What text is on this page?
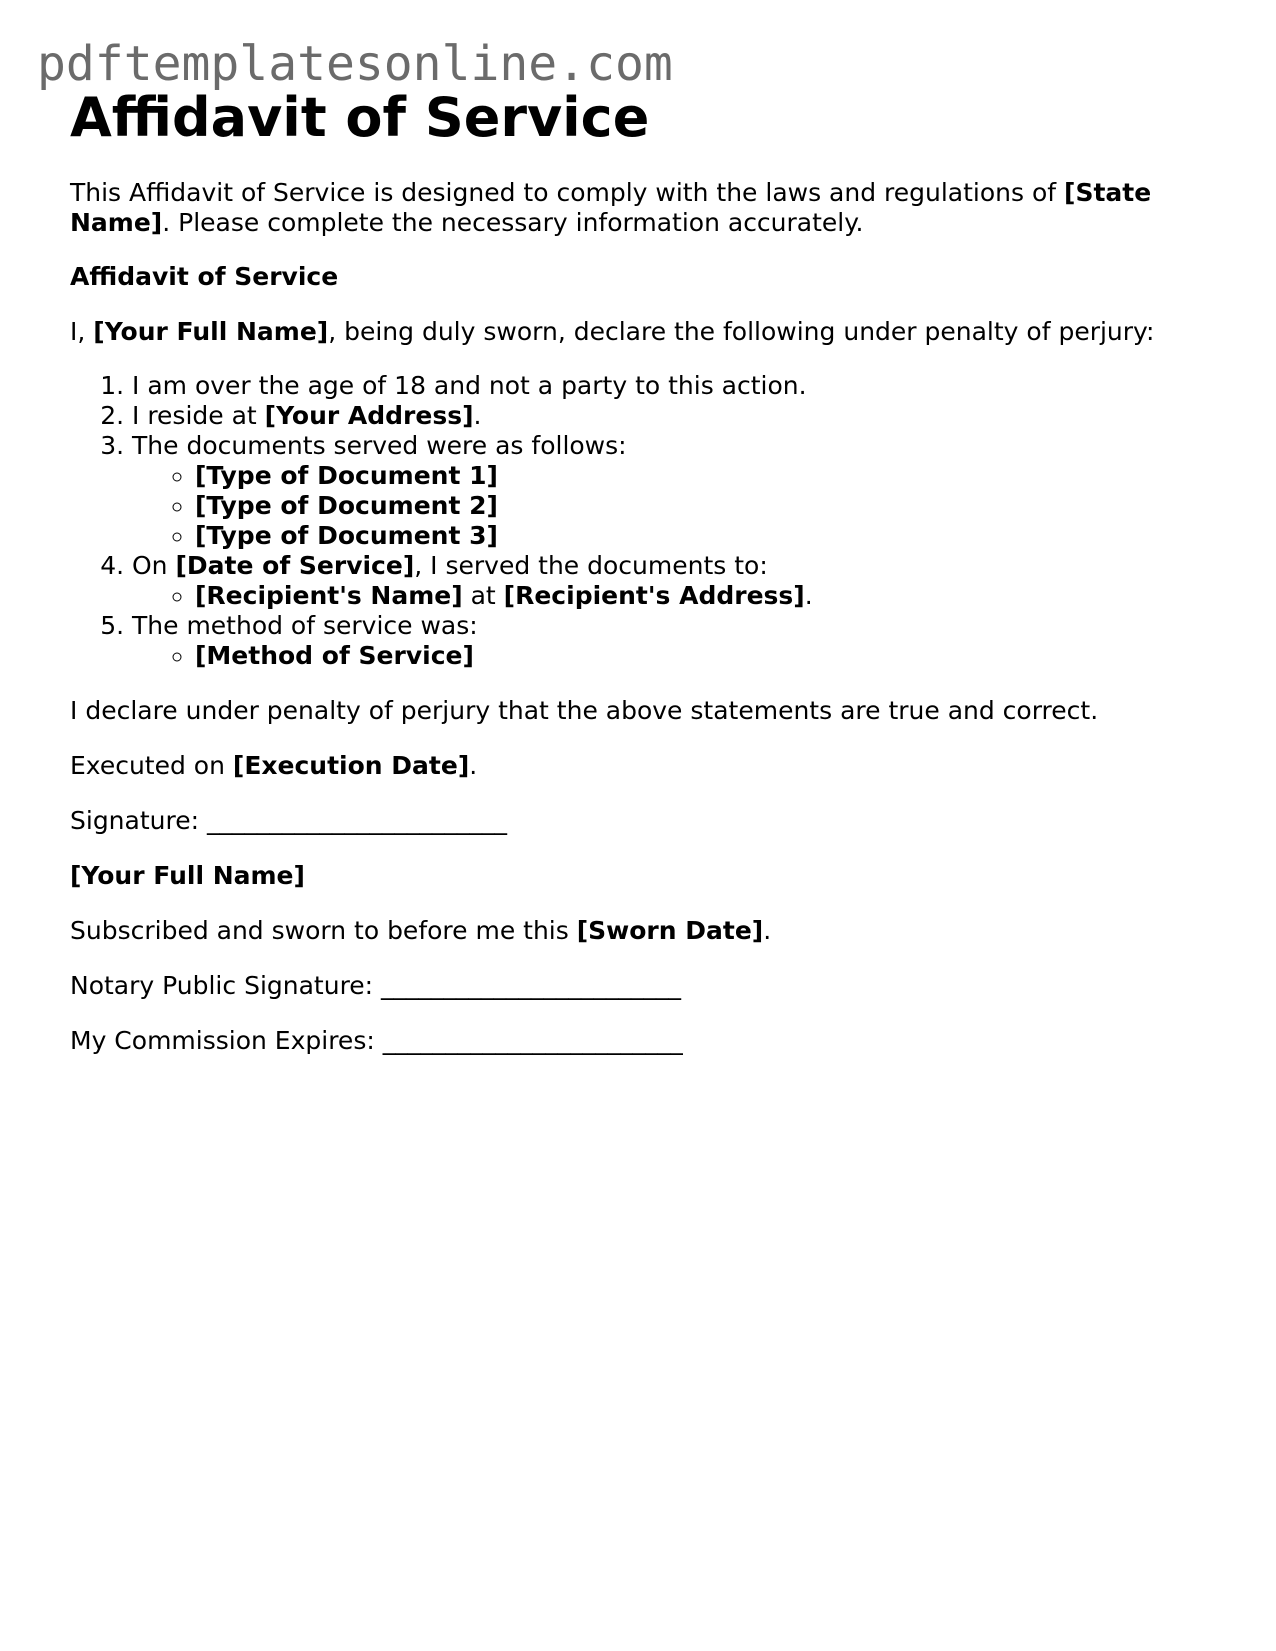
pdftemplatesonline.com
Affidavit of Service

This Affidavit of Service is designed to comply with the laws and regulations of [State Name]. Please complete the necessary information accurately.

Affidavit of Service

I, [Your Full Name], being duly sworn, declare the following under penalty of perjury:

1. I am over the age of 18 and not a party to this action.
2. I reside at [Your Address].
3. The documents served were as follows:
◦ [Type of Document 1]
◦ [Type of Document 2]
◦ [Type of Document 3]
4. On [Date of Service], I served the documents to:
◦ [Recipient's Name] at [Recipient's Address].
5. The method of service was:
◦ [Method of Service]

I declare under penalty of perjury that the above statements are true and correct.

Executed on [Execution Date].

Signature: ________________________

[Your Full Name]

Subscribed and sworn to before me this [Sworn Date].

Notary Public Signature: ________________________

My Commission Expires: ________________________
